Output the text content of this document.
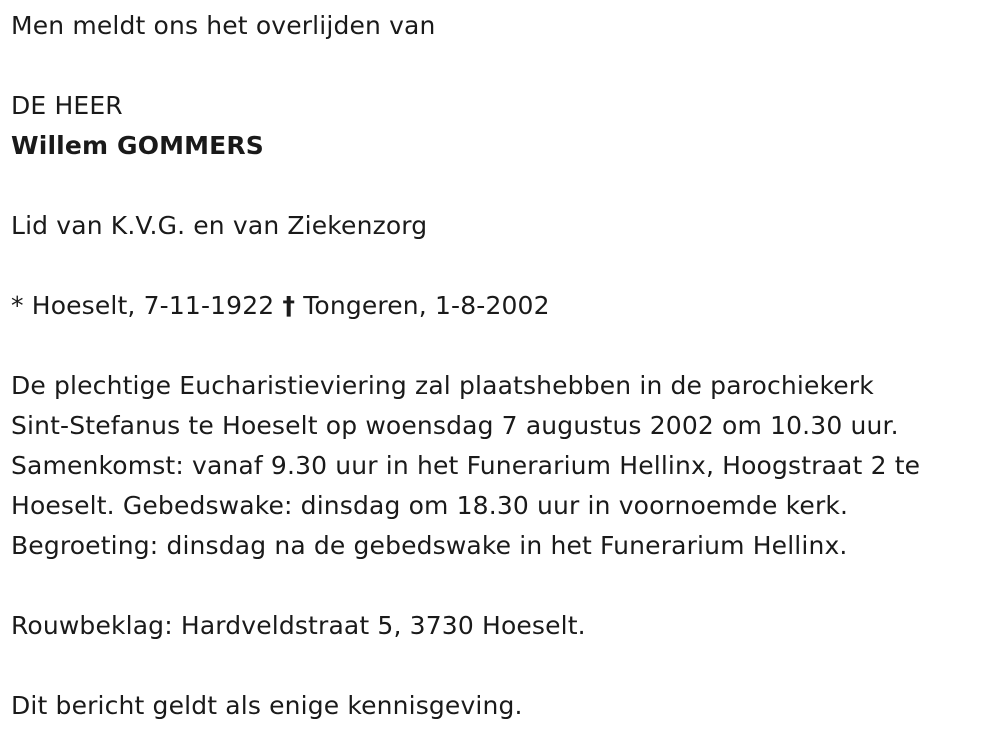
Men meldt ons het overlijden van
DE HEER
Willem GOMMERS
Lid van K.V.G. en van Ziekenzorg
* Hoeselt, 7-11-1922 † Tongeren, 1-8-2002
De plechtige Eucharistieviering zal plaatshebben in de parochiekerk
Sint-Stefanus te Hoeselt op woensdag 7 augustus 2002 om 10.30 uur.
Samenkomst: vanaf 9.30 uur in het Funerarium Hellinx, Hoogstraat 2 te
Hoeselt. Gebedswake: dinsdag om 18.30 uur in voornoemde kerk.
Begroeting: dinsdag na de gebedswake in het Funerarium Hellinx.
Rouwbeklag: Hardveldstraat 5, 3730 Hoeselt.
Dit bericht geldt als enige kennisgeving.
